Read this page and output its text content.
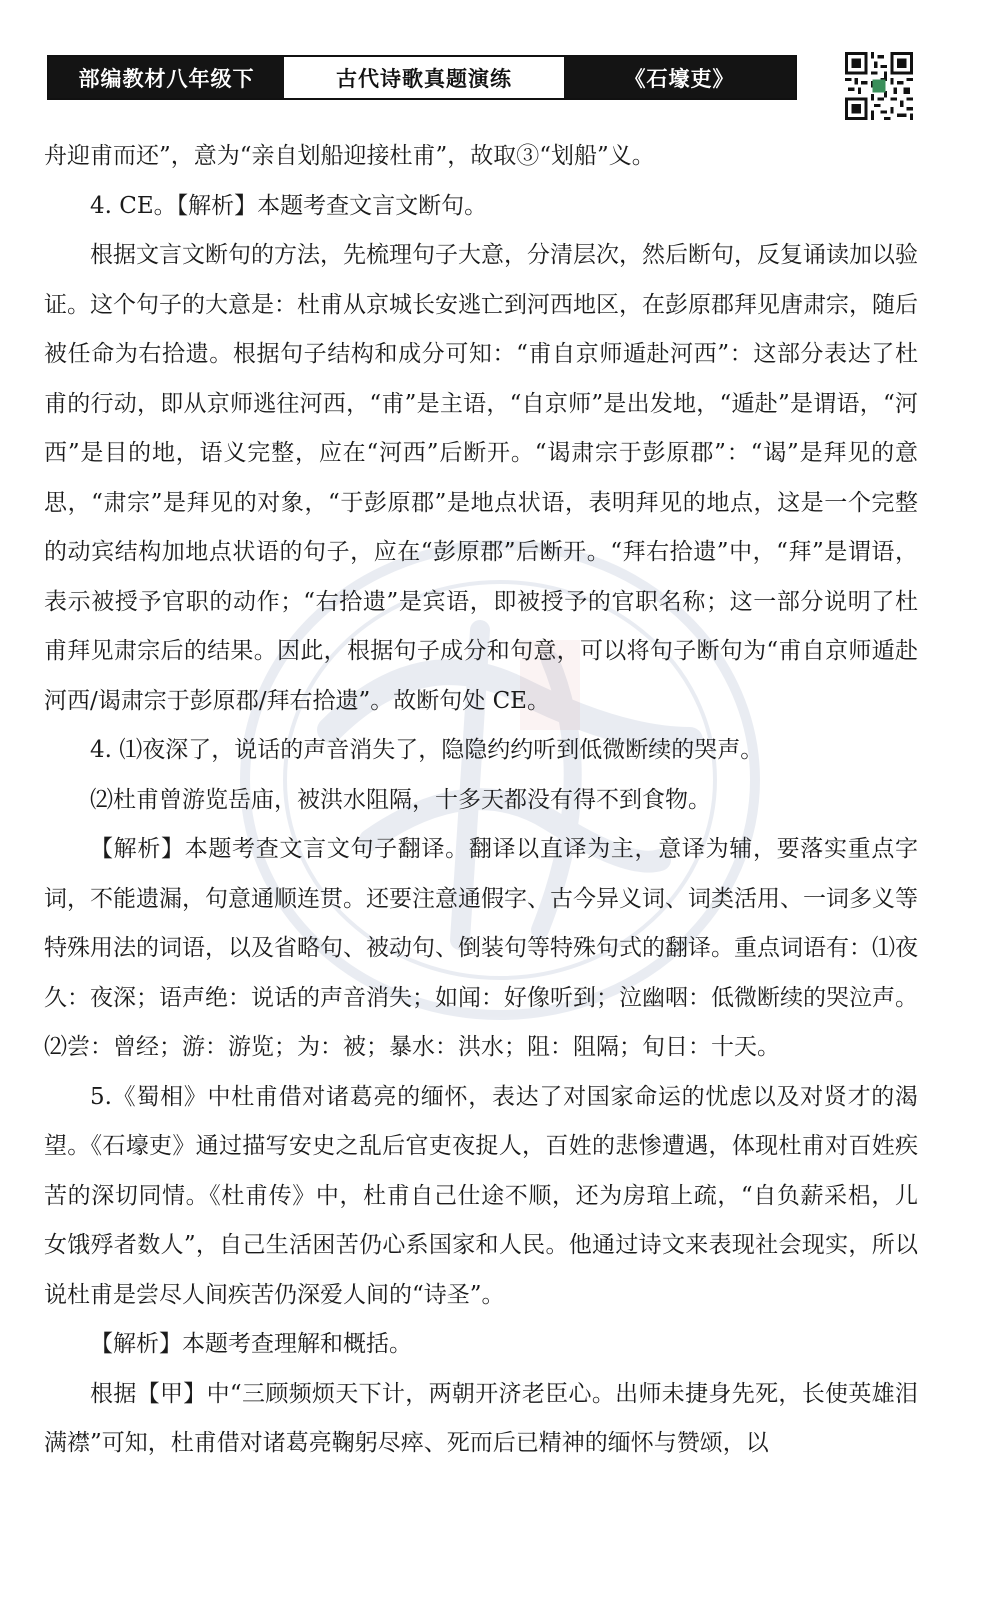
部编教材八年级下	古代诗歌真题演练	《石壕吏》

舟迎甫而还”，意为“亲自划船迎接杜甫”，故取③“划船”义。

4. CE。【解析】本题考查文言文断句。

根据文言文断句的方法，先梳理句子大意，分清层次，然后断句，反复诵读加以验证。这个句子的大意是：杜甫从京城长安逃亡到河西地区，在彭原郡拜见唐肃宗，随后被任命为右拾遗。根据句子结构和成分可知：“甫自京师遁赴河西”：这部分表达了杜甫的行动，即从京师逃往河西，“甫”是主语，“自京师”是出发地，“遁赴”是谓语，“河西”是目的地，语义完整，应在“河西”后断开。“谒肃宗于彭原郡”：“谒”是拜见的意思，“肃宗”是拜见的对象，“于彭原郡”是地点状语，表明拜见的地点，这是一个完整的动宾结构加地点状语的句子，应在“彭原郡”后断开。“拜右拾遗”中，“拜”是谓语，表示被授予官职的动作；“右拾遗”是宾语，即被授予的官职名称；这一部分说明了杜甫拜见肃宗后的结果。因此，根据句子成分和句意，可以将句子断句为“甫自京师遁赴河西/谒肃宗于彭原郡/拜右拾遗”。故断句处 CE。

4. ⑴夜深了，说话的声音消失了，隐隐约约听到低微断续的哭声。

⑵杜甫曾游览岳庙，被洪水阻隔，十多天都没有得不到食物。

【解析】本题考查文言文句子翻译。翻译以直译为主，意译为辅，要落实重点字词，不能遗漏，句意通顺连贯。还要注意通假字、古今异义词、词类活用、一词多义等特殊用法的词语，以及省略句、被动句、倒装句等特殊句式的翻译。重点词语有：⑴夜久：夜深；语声绝：说话的声音消失；如闻：好像听到；泣幽咽：低微断续的哭泣声。⑵尝：曾经；游：游览；为：被；暴水：洪水；阻：阻隔；旬日：十天。

5.《蜀相》中杜甫借对诸葛亮的缅怀，表达了对国家命运的忧虑以及对贤才的渴望。《石壕吏》通过描写安史之乱后官吏夜捉人，百姓的悲惨遭遇，体现杜甫对百姓疾苦的深切同情。《杜甫传》中，杜甫自己仕途不顺，还为房琯上疏，“自负薪采梠，儿女饿殍者数人”，自己生活困苦仍心系国家和人民。他通过诗文来表现社会现实，所以说杜甫是尝尽人间疾苦仍深爱人间的“诗圣”。

【解析】本题考查理解和概括。

根据【甲】中“三顾频烦天下计，两朝开济老臣心。出师未捷身先死，长使英雄泪满襟”可知，杜甫借对诸葛亮鞠躬尽瘁、死而后已精神的缅怀与赞颂，以
